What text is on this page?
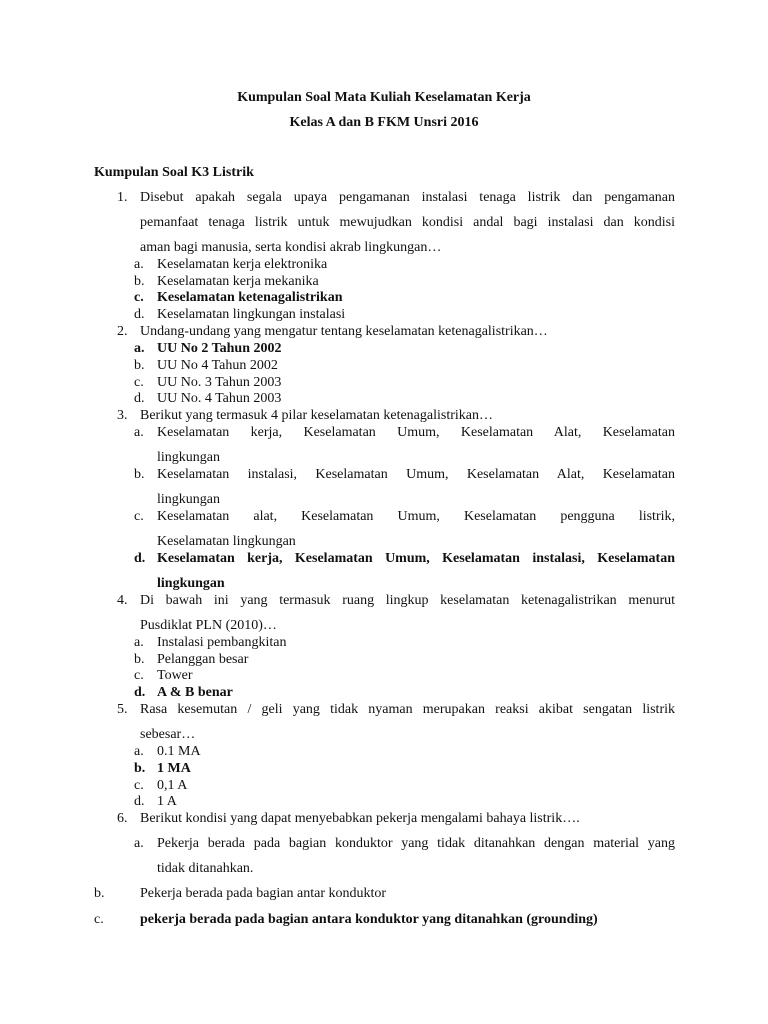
Kumpulan Soal Mata Kuliah Keselamatan Kerja
Kelas A dan B FKM Unsri 2016
Kumpulan Soal K3 Listrik
1. Disebut apakah segala upaya pengamanan instalasi tenaga listrik dan pengamanan
pemanfaat tenaga listrik untuk mewujudkan kondisi andal bagi instalasi dan kondisi
aman bagi manusia, serta kondisi akrab lingkungan…
a. Keselamatan kerja elektronika
b. Keselamatan kerja mekanika
c. Keselamatan ketenagalistrikan
d. Keselamatan lingkungan instalasi
2. Undang-undang yang mengatur tentang keselamatan ketenagalistrikan…
a. UU No 2 Tahun 2002
b. UU No 4 Tahun 2002
c. UU No. 3 Tahun 2003
d. UU No. 4 Tahun 2003
3. Berikut yang termasuk 4 pilar keselamatan ketenagalistrikan…
a. Keselamatan kerja, Keselamatan Umum, Keselamatan Alat, Keselamatan
lingkungan
b. Keselamatan instalasi, Keselamatan Umum, Keselamatan Alat, Keselamatan
lingkungan
c. Keselamatan alat, Keselamatan Umum, Keselamatan pengguna listrik,
Keselamatan lingkungan
d. Keselamatan kerja, Keselamatan Umum, Keselamatan instalasi, Keselamatan
lingkungan
4. Di bawah ini yang termasuk ruang lingkup keselamatan ketenagalistrikan menurut
Pusdiklat PLN (2010)…
a. Instalasi pembangkitan
b. Pelanggan besar
c. Tower
d. A & B benar
5. Rasa kesemutan / geli yang tidak nyaman merupakan reaksi akibat sengatan listrik
sebesar…
a. 0.1 MA
b. 1 MA
c. 0,1 A
d. 1 A
6. Berikut kondisi yang dapat menyebabkan pekerja mengalami bahaya listrik….
a. Pekerja berada pada bagian konduktor yang tidak ditanahkan dengan material yang
tidak ditanahkan.
b.	Pekerja berada pada bagian antar konduktor
c.	pekerja berada pada bagian antara konduktor yang ditanahkan (grounding)
